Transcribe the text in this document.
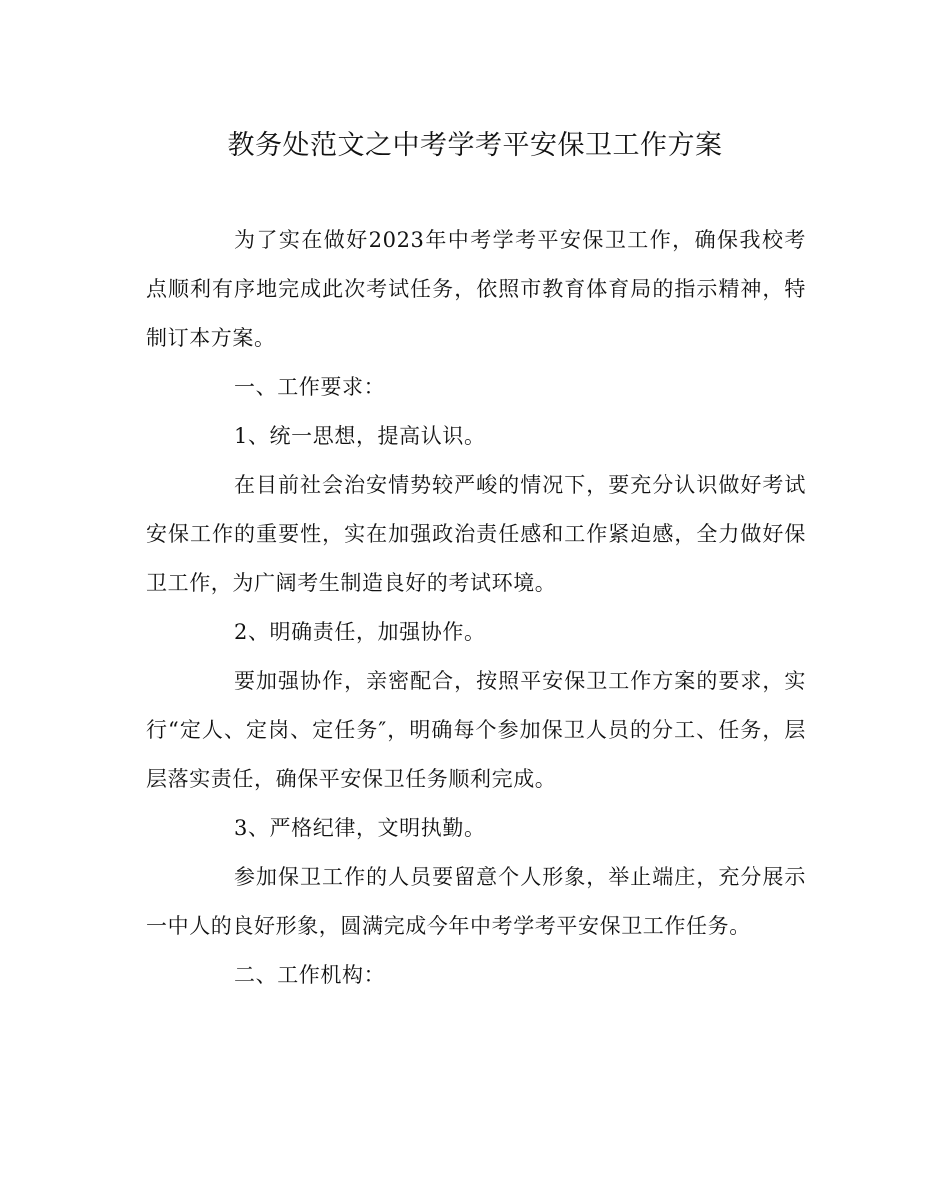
教务处范文之中考学考平安保卫工作方案

为了实在做好2023年中考学考平安保卫工作，确保我校考点顺利有序地完成此次考试任务，依照市教育体育局的指示精神，特制订本方案。

一、工作要求：

1、统一思想，提高认识。

在目前社会治安情势较严峻的情况下，要充分认识做好考试安保工作的重要性，实在加强政治责任感和工作紧迫感，全力做好保卫工作，为广阔考生制造良好的考试环境。

2、明确责任，加强协作。

要加强协作，亲密配合，按照平安保卫工作方案的要求，实行“定人、定岗、定任务″，明确每个参加保卫人员的分工、任务，层层落实责任，确保平安保卫任务顺利完成。

3、严格纪律，文明执勤。

参加保卫工作的人员要留意个人形象，举止端庄，充分展示一中人的良好形象，圆满完成今年中考学考平安保卫工作任务。

二、工作机构：
